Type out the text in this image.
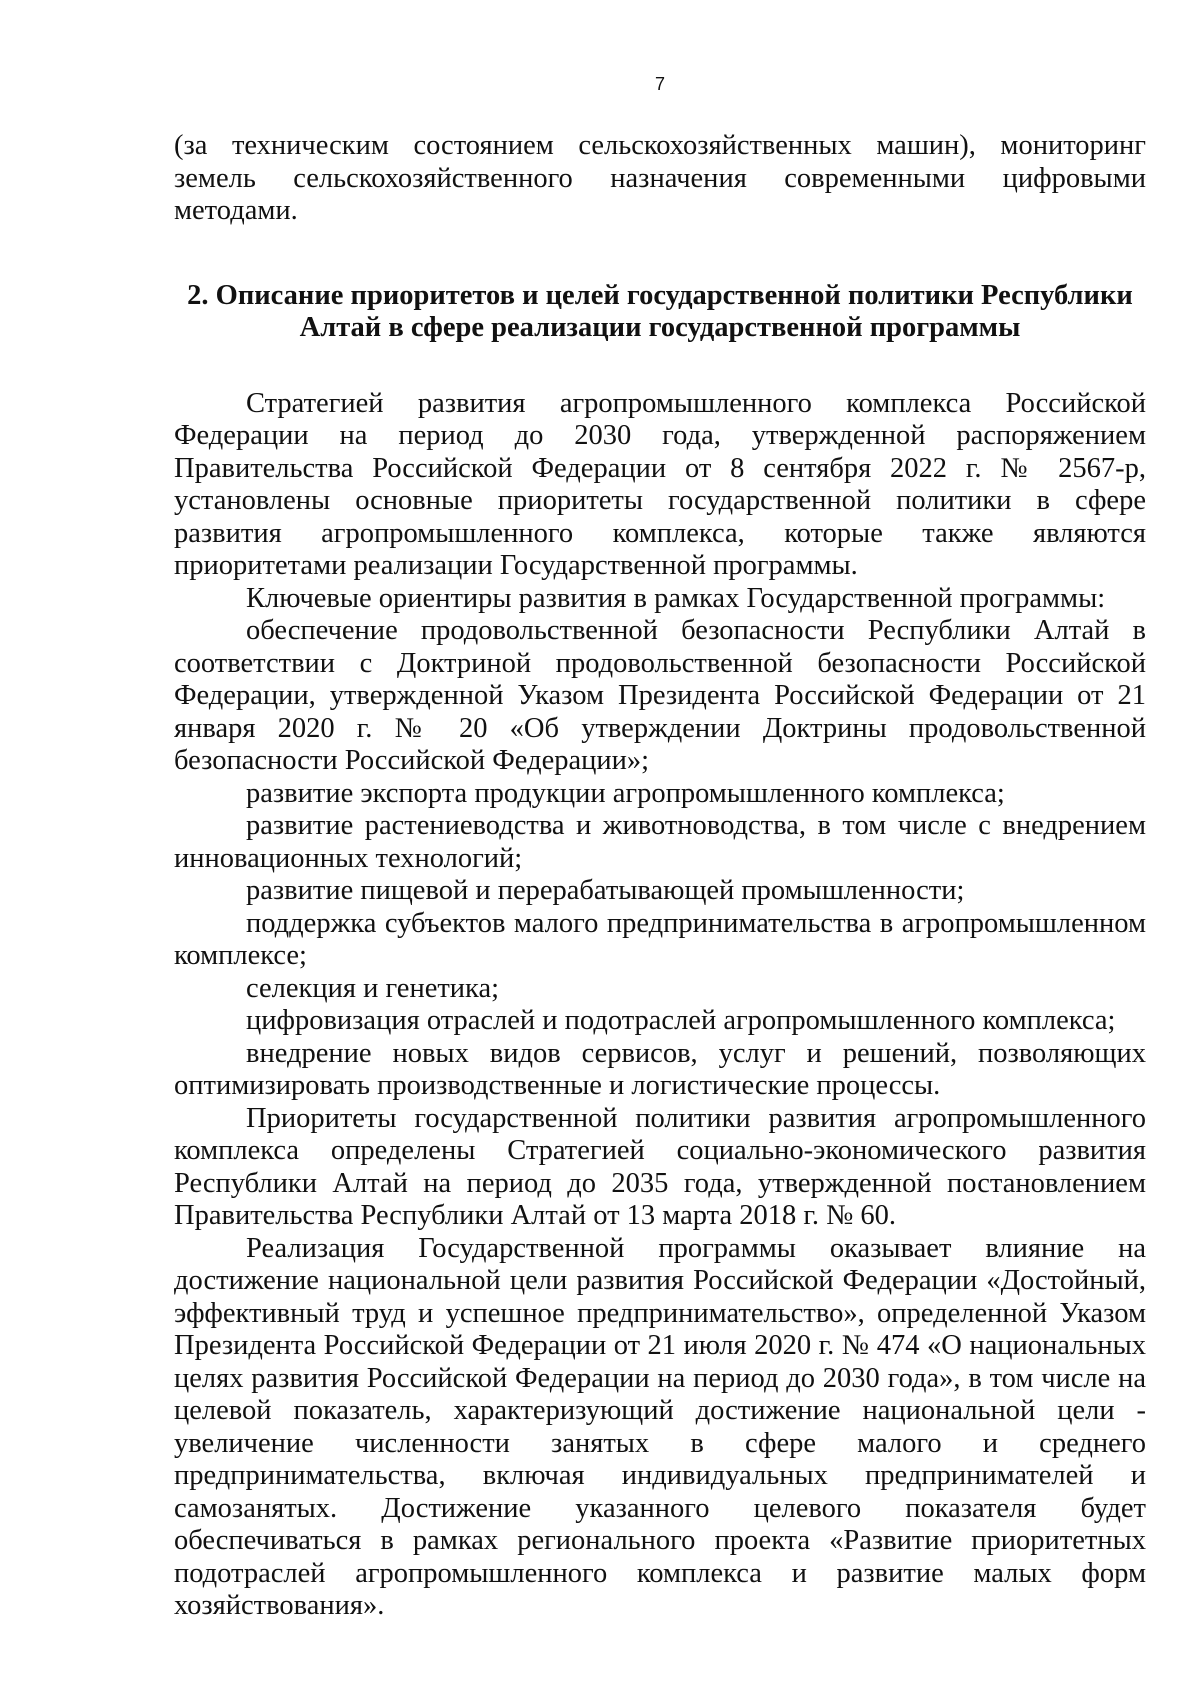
7

(за техническим состоянием сельскохозяйственных машин), мониторинг земель сельскохозяйственного назначения современными цифровыми методами.

2. Описание приоритетов и целей государственной политики Республики Алтай в сфере реализации государственной программы

Стратегией развития агропромышленного комплекса Российской Федерации на период до 2030 года, утвержденной распоряжением Правительства Российской Федерации от 8 сентября 2022 г. № 2567-р, установлены основные приоритеты государственной политики в сфере развития агропромышленного комплекса, которые также являются приоритетами реализации Государственной программы.

Ключевые ориентиры развития в рамках Государственной программы:

обеспечение продовольственной безопасности Республики Алтай в соответствии с Доктриной продовольственной безопасности Российской Федерации, утвержденной Указом Президента Российской Федерации от 21 января 2020 г. № 20 «Об утверждении Доктрины продовольственной безопасности Российской Федерации»;

развитие экспорта продукции агропромышленного комплекса;

развитие растениеводства и животноводства, в том числе с внедрением инновационных технологий;

развитие пищевой и перерабатывающей промышленности;

поддержка субъектов малого предпринимательства в агропромышленном комплексе;

селекция и генетика;

цифровизация отраслей и подотраслей агропромышленного комплекса;

внедрение новых видов сервисов, услуг и решений, позволяющих оптимизировать производственные и логистические процессы.

Приоритеты государственной политики развития агропромышленного комплекса определены Стратегией социально-экономического развития Республики Алтай на период до 2035 года, утвержденной постановлением Правительства Республики Алтай от 13 марта 2018 г. № 60.

Реализация Государственной программы оказывает влияние на достижение национальной цели развития Российской Федерации «Достойный, эффективный труд и успешное предпринимательство», определенной Указом Президента Российской Федерации от 21 июля 2020 г. № 474 «О национальных целях развития Российской Федерации на период до 2030 года», в том числе на целевой показатель, характеризующий достижение национальной цели - увеличение численности занятых в сфере малого и среднего предпринимательства, включая индивидуальных предпринимателей и самозанятых. Достижение указанного целевого показателя будет обеспечиваться в рамках регионального проекта «Развитие приоритетных подотраслей агропромышленного комплекса и развитие малых форм хозяйствования».
